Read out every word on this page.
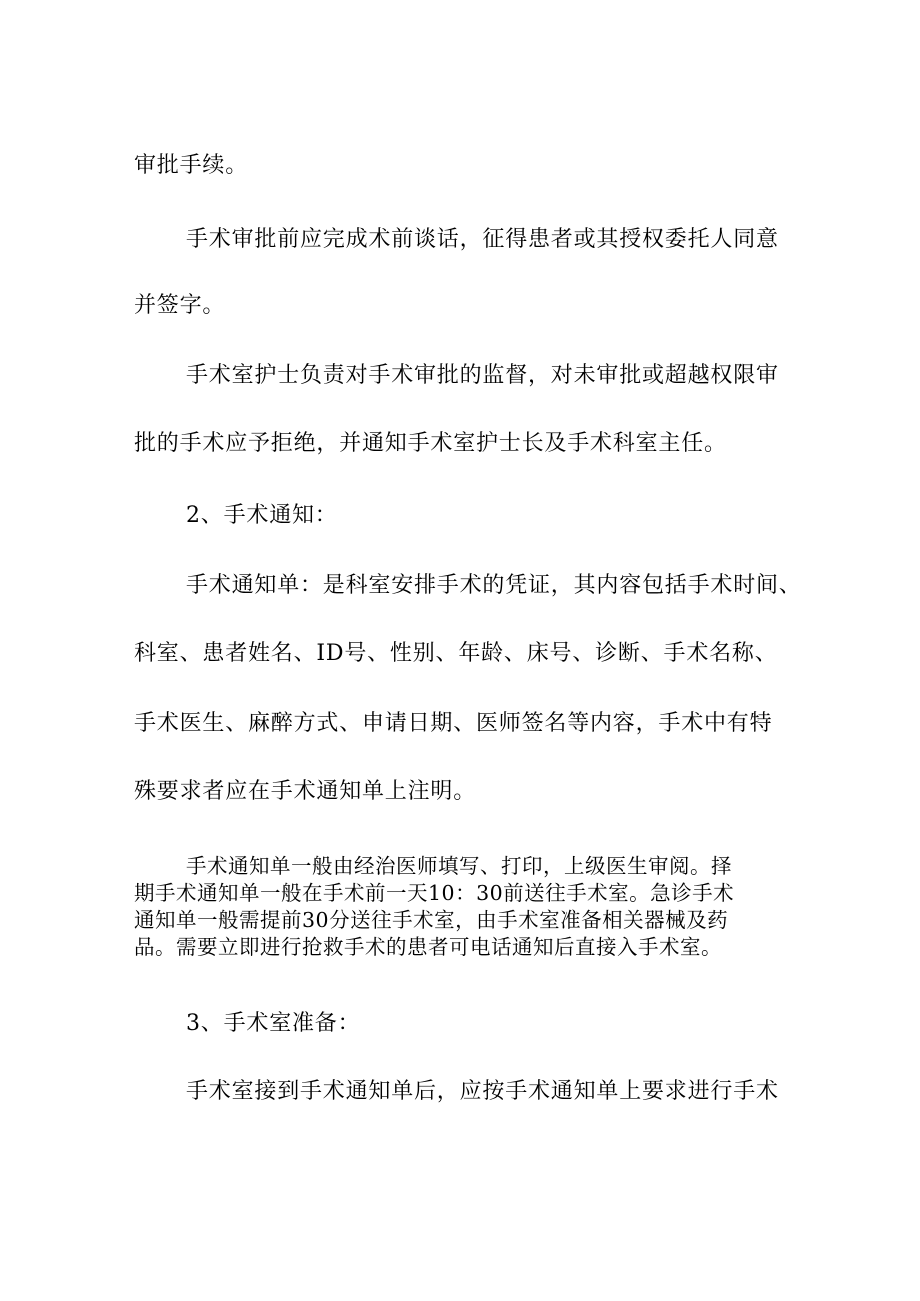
审批手续。
手术审批前应完成术前谈话，征得患者或其授权委托人同意
并签字。
手术室护士负责对手术审批的监督，对未审批或超越权限审
批的手术应予拒绝，并通知手术室护士长及手术科室主任。
2、手术通知：
手术通知单：是科室安排手术的凭证，其内容包括手术时间、
科室、患者姓名、ID号、性别、年龄、床号、诊断、手术名称、
手术医生、麻醉方式、申请日期、医师签名等内容，手术中有特
殊要求者应在手术通知单上注明。
手术通知单一般由经治医师填写、打印，上级医生审阅。择
期手术通知单一般在手术前一天10：30前送往手术室。急诊手术
通知单一般需提前30分送往手术室，由手术室准备相关器械及药
品。需要立即进行抢救手术的患者可电话通知后直接入手术室。
3、手术室准备：
手术室接到手术通知单后，应按手术通知单上要求进行手术
